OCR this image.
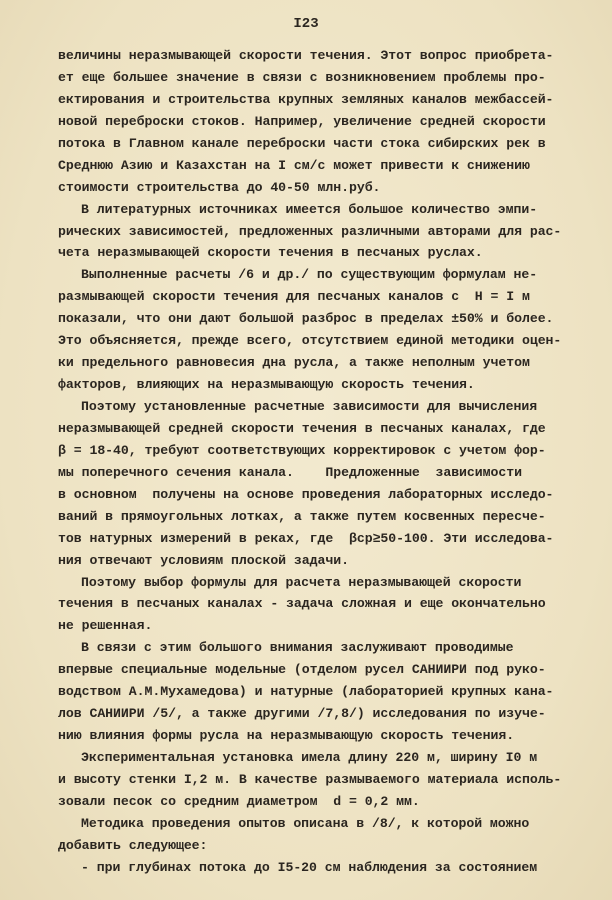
I23
величины неразмывающей скорости течения. Этот вопрос приобрета-
ет еще большее значение в связи с возникновением проблемы про-
ектирования и строительства крупных земляных каналов межбассей-
новой переброски стоков. Например, увеличение средней скорости
потока в Главном канале переброски части стока сибирских рек в
Среднюю Азию и Казахстан на I см/с может привести к снижению
стоимости строительства до 40-50 млн.руб.
В литературных источниках имеется большое количество эмпи-
рических зависимостей, предложенных различными авторами для рас-
чета неразмывающей скорости течения в песчаных руслах.
Выполненные расчеты /6 и др./ по существующим формулам не-
размывающей скорости течения для песчаных каналов с  H = I м
показали, что они дают большой разброс в пределах ±50% и более.
Это объясняется, прежде всего, отсутствием единой методики оцен-
ки предельного равновесия дна русла, а также неполным учетом
факторов, влияющих на неразмывающую скорость течения.
Поэтому установленные расчетные зависимости для вычисления
неразмывающей средней скорости течения в песчаных каналах, где
β = 18-40, требуют соответствующих корректировок с учетом фор-
мы поперечного сечения канала.    Предложенные  зависимости
в основном  получены на основе проведения лабораторных исследо-
ваний в прямоугольных лотках, а также путем косвенных пересче-
тов натурных измерений в реках, где  βср≥50-100. Эти исследова-
ния отвечают условиям плоской задачи.
Поэтому выбор формулы для расчета неразмывающей скорости
течения в песчаных каналах - задача сложная и еще окончательно
не решенная.
В связи с этим большого внимания заслуживают проводимые
впервые специальные модельные (отделом русел САНИИРИ под руко-
водством А.М.Мухамедова) и натурные (лабораторией крупных кана-
лов САНИИРИ /5/, а также другими /7,8/) исследования по изуче-
нию влияния формы русла на неразмывающую скорость течения.
Экспериментальная установка имела длину 220 м, ширину I0 м
и высоту стенки I,2 м. В качестве размываемого материала исполь-
зовали песок со средним диаметром  d = 0,2 мм.
Методика проведения опытов описана в /8/, к которой можно
добавить следующее:
- при глубинах потока до I5-20 см наблюдения за состоянием
